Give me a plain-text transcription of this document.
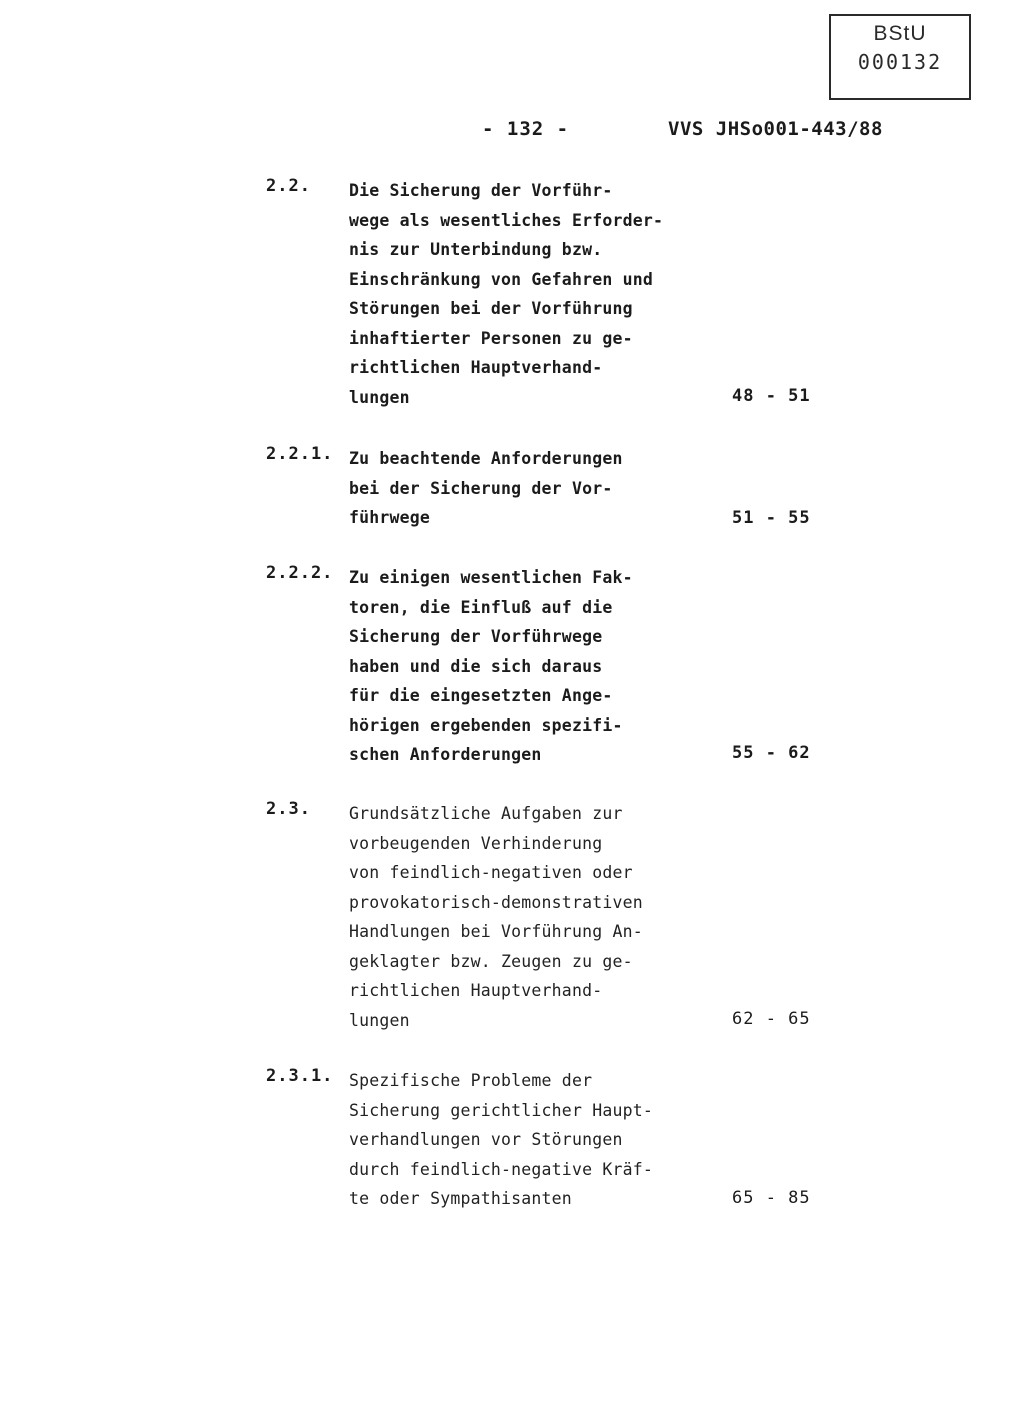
BStU
000132
- 132 -	VVS JHSo001-443/88
2.2. Die Sicherung der Vorführ-
wege als wesentliches Erforder-
nis zur Unterbindung bzw.
Einschränkung von Gefahren und
Störungen bei der Vorführung
inhaftierter Personen zu ge-
richtlichen Hauptverhand-
lungen	48 - 51
2.2.1. Zu beachtende Anforderungen
bei der Sicherung der Vor-
führwege	51 - 55
2.2.2. Zu einigen wesentlichen Fak-
toren, die Einfluß auf die
Sicherung der Vorführwege
haben und die sich daraus
für die eingesetzten Ange-
hörigen ergebenden spezifi-
schen Anforderungen	55 - 62
2.3. Grundsätzliche Aufgaben zur
vorbeugenden Verhinderung
von feindlich-negativen oder
provokatorisch-demonstrativen
Handlungen bei Vorführung An-
geklagter bzw. Zeugen zu ge-
richtlichen Hauptverhand-
lungen	62 - 65
2.3.1. Spezifische Probleme der
Sicherung gerichtlicher Haupt-
verhandlungen vor Störungen
durch feindlich-negative Kräf-
te oder Sympathisanten	65 - 85
